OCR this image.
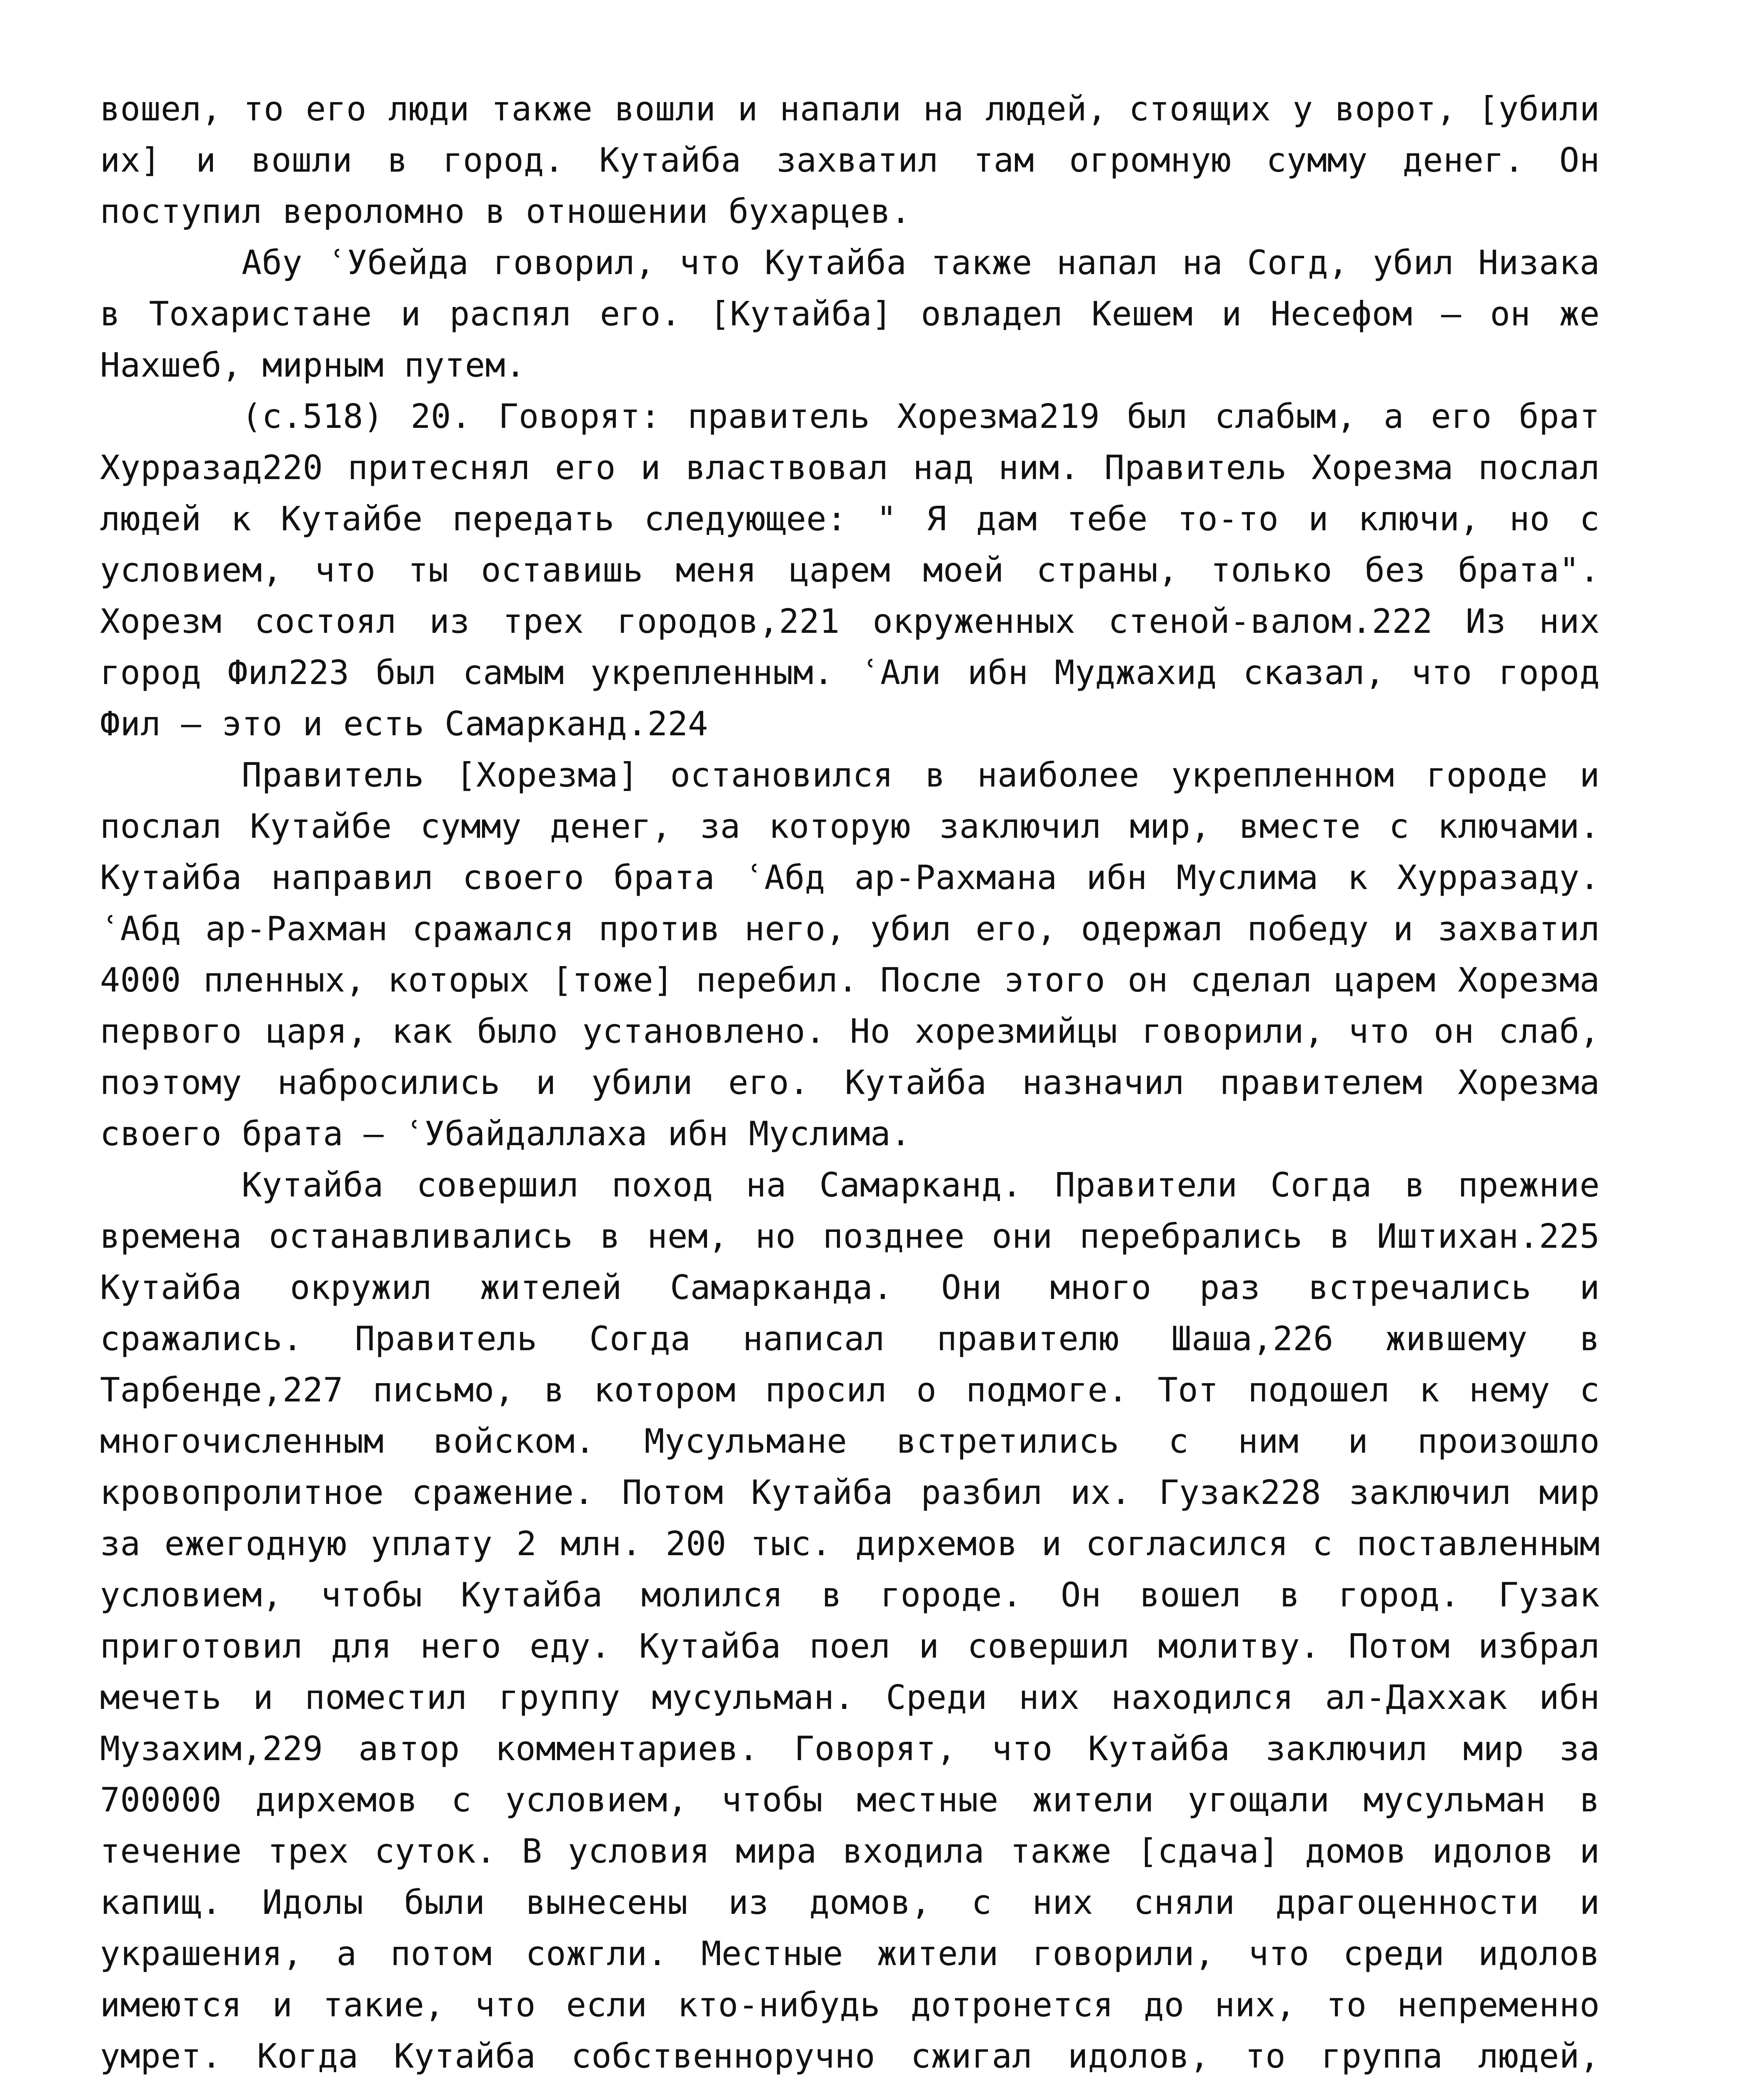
вошел, то его люди также вошли и напали на людей, стоящих у ворот, [убили их] и вошли в город. Кутайба захватил там огромную сумму денег. Он поступил вероломно в отношении бухарцев.

Абу ʿУбейда говорил, что Кутайба также напал на Согд, убил Низака в Тохаристане и распял его. [Кутайба] овладел Кешем и Несефом – он же Нахшеб, мирным путем.

(с.518) 20. Говорят: правитель Хорезма219 был слабым, а его брат Хурразад220 притеснял его и властвовал над ним. Правитель Хорезма послал людей к Кутайбе передать следующее: " Я дам тебе то-то и ключи, но с условием, что ты оставишь меня царем моей страны, только без брата". Хорезм состоял из трех городов,221 окруженных стеной-валом.222 Из них город Фил223 был самым укрепленным. ʿАли ибн Муджахид сказал, что город Фил – это и есть Самарканд.224

Правитель [Хорезма] остановился в наиболее укрепленном городе и послал Кутайбе сумму денег, за которую заключил мир, вместе с ключами. Кутайба направил своего брата ʿАбд ар-Рахмана ибн Муслима к Хурразаду. ʿАбд ар-Рахман сражался против него, убил его, одержал победу и захватил 4000 пленных, которых [тоже] перебил. После этого он сделал царем Хорезма первого царя, как было установлено. Но хорезмийцы говорили, что он слаб, поэтому набросились и убили его. Кутайба назначил правителем Хорезма своего брата – ʿУбайдаллаха ибн Муслима.

Кутайба совершил поход на Самарканд. Правители Согда в прежние времена останавливались в нем, но позднее они перебрались в Иштихан.225 Кутайба окружил жителей Самарканда. Они много раз встречались и сражались. Правитель Согда написал правителю Шаша,226 жившему в Тарбенде,227 письмо, в котором просил о подмоге. Тот подошел к нему с многочисленным войском. Мусульмане встретились с ним и произошло кровопролитное сражение. Потом Кутайба разбил их. Гузак228 заключил мир за ежегодную уплату 2 млн. 200 тыс. дирхемов и согласился с поставленным условием, чтобы Кутайба молился в городе. Он вошел в город. Гузак приготовил для него еду. Кутайба поел и совершил молитву. Потом избрал мечеть и поместил группу мусульман. Среди них находился ал-Даххак ибн Музахим,229 автор комментариев. Говорят, что Кутайба заключил мир за 700000 дирхемов с условием, чтобы местные жители угощали мусульман в течение трех суток. В условия мира входила также [сдача] домов идолов и капищ. Идолы были вынесены из домов, с них сняли драгоценности и украшения, а потом сожгли. Местные жители говорили, что среди идолов имеются и такие, что если кто-нибудь дотронется до них, то непременно умрет. Когда Кутайба собственноручно сжигал идолов, то группа людей,
